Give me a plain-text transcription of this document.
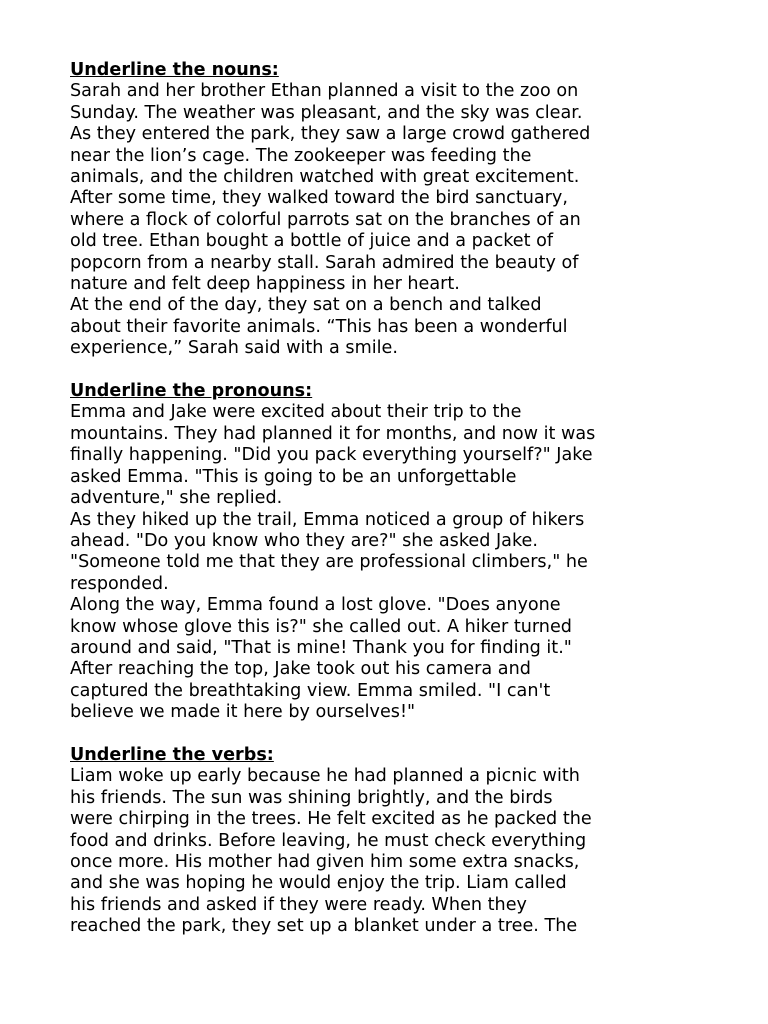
Underline the nouns:
Sarah and her brother Ethan planned a visit to the zoo on
Sunday. The weather was pleasant, and the sky was clear.
As they entered the park, they saw a large crowd gathered
near the lion’s cage. The zookeeper was feeding the
animals, and the children watched with great excitement.
After some time, they walked toward the bird sanctuary,
where a flock of colorful parrots sat on the branches of an
old tree. Ethan bought a bottle of juice and a packet of
popcorn from a nearby stall. Sarah admired the beauty of
nature and felt deep happiness in her heart.
At the end of the day, they sat on a bench and talked
about their favorite animals. “This has been a wonderful
experience,” Sarah said with a smile.
Underline the pronouns:
Emma and Jake were excited about their trip to the
mountains. They had planned it for months, and now it was
finally happening. "Did you pack everything yourself?" Jake
asked Emma. "This is going to be an unforgettable
adventure," she replied.
As they hiked up the trail, Emma noticed a group of hikers
ahead. "Do you know who they are?" she asked Jake.
"Someone told me that they are professional climbers," he
responded.
Along the way, Emma found a lost glove. "Does anyone
know whose glove this is?" she called out. A hiker turned
around and said, "That is mine! Thank you for finding it."
After reaching the top, Jake took out his camera and
captured the breathtaking view. Emma smiled. "I can't
believe we made it here by ourselves!"
Underline the verbs:
Liam woke up early because he had planned a picnic with
his friends. The sun was shining brightly, and the birds
were chirping in the trees. He felt excited as he packed the
food and drinks. Before leaving, he must check everything
once more. His mother had given him some extra snacks,
and she was hoping he would enjoy the trip. Liam called
his friends and asked if they were ready. When they
reached the park, they set up a blanket under a tree. The
